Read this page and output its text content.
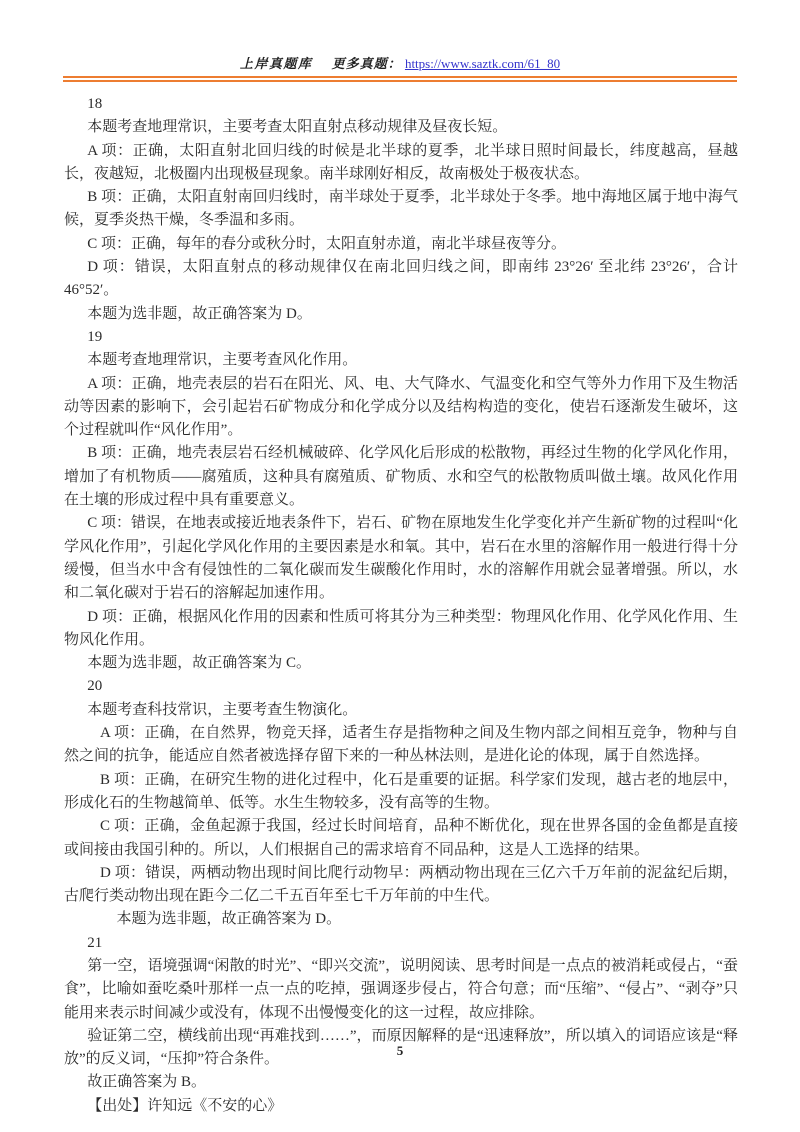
上岸真题库 更多真题： https://www.saztk.com/61_80

18

本题考查地理常识，主要考查太阳直射点移动规律及昼夜长短。

A 项：正确，太阳直射北回归线的时候是北半球的夏季，北半球日照时间最长，纬度越高，昼越长，夜越短，北极圈内出现极昼现象。南半球刚好相反，故南极处于极夜状态。

B 项：正确，太阳直射南回归线时，南半球处于夏季，北半球处于冬季。地中海地区属于地中海气候，夏季炎热干燥，冬季温和多雨。

C 项：正确，每年的春分或秋分时，太阳直射赤道，南北半球昼夜等分。

D 项：错误，太阳直射点的移动规律仅在南北回归线之间，即南纬 23°26′ 至北纬 23°26′，合计 46°52′。

本题为选非题，故正确答案为 D。

19

本题考查地理常识，主要考查风化作用。

A 项：正确，地壳表层的岩石在阳光、风、电、大气降水、气温变化和空气等外力作用下及生物活动等因素的影响下，会引起岩石矿物成分和化学成分以及结构构造的变化，使岩石逐渐发生破坏，这个过程就叫作“风化作用”。

B 项：正确，地壳表层岩石经机械破碎、化学风化后形成的松散物，再经过生物的化学风化作用，增加了有机物质——腐殖质，这种具有腐殖质、矿物质、水和空气的松散物质叫做土壤。故风化作用在土壤的形成过程中具有重要意义。

C 项：错误，在地表或接近地表条件下，岩石、矿物在原地发生化学变化并产生新矿物的过程叫“化学风化作用”，引起化学风化作用的主要因素是水和氧。其中，岩石在水里的溶解作用一般进行得十分缓慢，但当水中含有侵蚀性的二氧化碳而发生碳酸化作用时，水的溶解作用就会显著增强。所以，水和二氧化碳对于岩石的溶解起加速作用。

D 项：正确，根据风化作用的因素和性质可将其分为三种类型：物理风化作用、化学风化作用、生物风化作用。

本题为选非题，故正确答案为 C。

20

本题考查科技常识，主要考查生物演化。

A 项：正确，在自然界，物竞天择，适者生存是指物种之间及生物内部之间相互竞争，物种与自然之间的抗争，能适应自然者被选择存留下来的一种丛林法则，是进化论的体现，属于自然选择。

B 项：正确，在研究生物的进化过程中，化石是重要的证据。科学家们发现，越古老的地层中，形成化石的生物越简单、低等。水生生物较多，没有高等的生物。

C 项：正确，金鱼起源于我国，经过长时间培育，品种不断优化，现在世界各国的金鱼都是直接或间接由我国引种的。所以，人们根据自己的需求培育不同品种，这是人工选择的结果。

D 项：错误，两栖动物出现时间比爬行动物早：两栖动物出现在三亿六千万年前的泥盆纪后期，古爬行类动物出现在距今二亿二千五百年至七千万年前的中生代。

本题为选非题，故正确答案为 D。

21

第一空，语境强调“闲散的时光”、“即兴交流”，说明阅读、思考时间是一点点的被消耗或侵占，“蚕食”，比喻如蚕吃桑叶那样一点一点的吃掉，强调逐步侵占，符合句意；而“压缩”、“侵占”、“剥夺”只能用来表示时间减少或没有，体现不出慢慢变化的这一过程，故应排除。

验证第二空，横线前出现“再难找到……”，而原因解释的是“迅速释放”，所以填入的词语应该是“释放”的反义词，“压抑”符合条件。

故正确答案为 B。

【出处】许知远《不安的心》

5
